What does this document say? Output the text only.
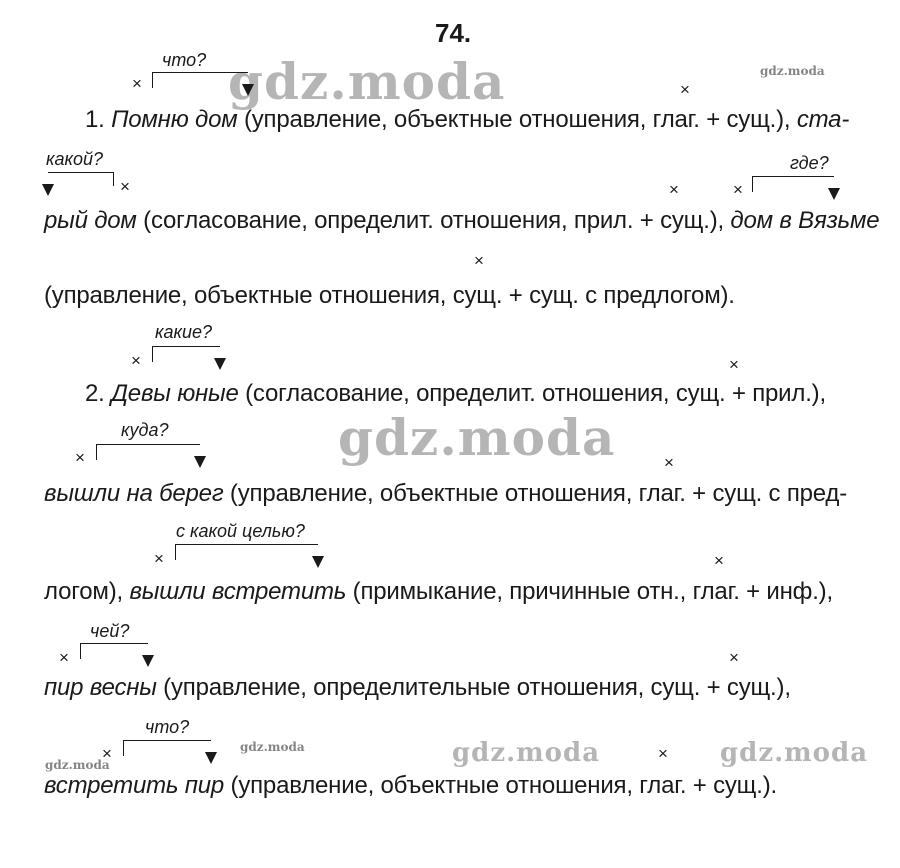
74.
gdz.moda	gdz.moda
gdz.moda
gdz.moda
gdz.moda	gdz.moda	gdz.moda
×
что?
×
1. Помню дом (управление, объектные отношения, глаг. + сущ.), ста-
какой?
×	×	×
где?
рый дом (согласование, определит. отношения, прил. + сущ.), дом в Вязьме
×
(управление, объектные отношения, сущ. + сущ. с предлогом).
какие?
×	×
2. Девы юные (согласование, определит. отношения, сущ. + прил.),
куда?
×	×
вышли на берег (управление, объектные отношения, глаг. + сущ. с пред-
с какой целью?
×	×
логом), вышли встретить (примыкание, причинные отн., глаг. + инф.),
чей?
×	×
пир весны (управление, определительные отношения, сущ. + сущ.),
что?
×	×
встретить пир (управление, объектные отношения, глаг. + сущ.).
